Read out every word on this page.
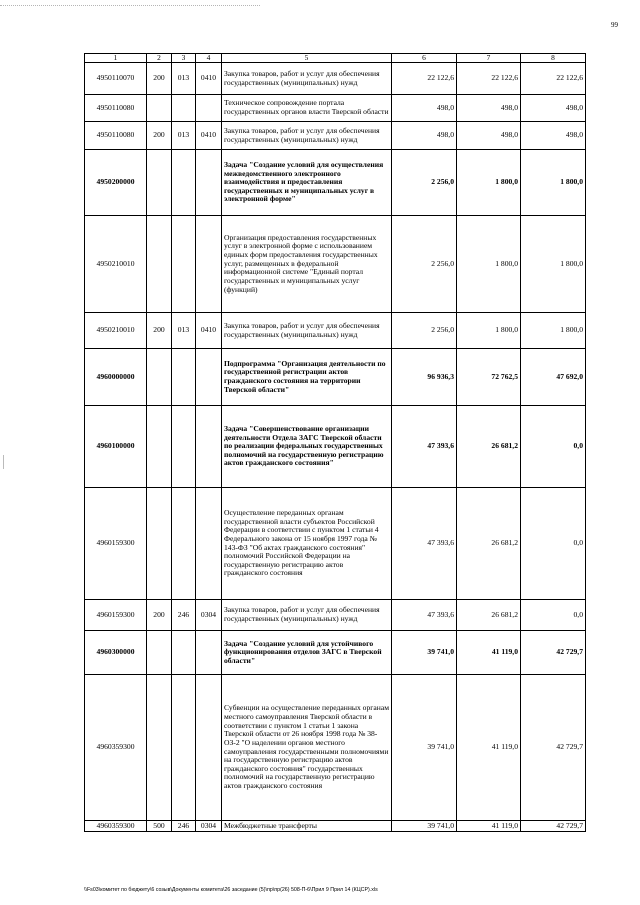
99
1	2	3	4	5	6	7	8
4950110070	200	013	0410	Закупка товаров, работ и услуг для обеспечения государственных (муниципальных) нужд	22 122,6	22 122,6	22 122,6
4950110080				Техническое сопровождение портала государственных органов власти Тверской области	498,0	498,0	498,0
4950110080	200	013	0410	Закупка товаров, работ и услуг для обеспечения государственных (муниципальных) нужд	498,0	498,0	498,0
4950200000				Задача "Создание условий для осуществления межведомственного электронного взаимодействия и предоставления государственных и муниципальных услуг в электронной форме"	2 256,0	1 800,0	1 800,0
4950210010				Организация предоставления государственных услуг в электронной форме с использованием единых форм предоставления государственных услуг, размещенных в федеральной информационной системе "Единый портал государственных и муниципальных услуг (функций)	2 256,0	1 800,0	1 800,0
4950210010	200	013	0410	Закупка товаров, работ и услуг для обеспечения государственных (муниципальных) нужд	2 256,0	1 800,0	1 800,0
4960000000				Подпрограмма "Организация деятельности по государственной регистрации актов гражданского состояния на территории Тверской области"	96 936,3	72 762,5	47 692,0
4960100000				Задача "Совершенствование организации деятельности Отдела ЗАГС Тверской области по реализации федеральных государственных полномочий на государственную регистрацию актов гражданского состояния"	47 393,6	26 681,2	0,0
4960159300				Осуществление переданных органам государственной власти субъектов Российской Федерации в соответствии с пунктом 1 статьи 4 Федерального закона от 15 ноября 1997 года № 143-ФЗ "Об актах гражданского состояния" полномочий Российской Федерации на государственную регистрацию актов гражданского состояния	47 393,6	26 681,2	0,0
4960159300	200	246	0304	Закупка товаров, работ и услуг для обеспечения государственных (муниципальных) нужд	47 393,6	26 681,2	0,0
4960300000				Задача "Создание условий для устойчивого функционирования отделов ЗАГС в Тверской области"	39 741,0	41 119,0	42 729,7
4960359300				Субвенции на осуществление переданных органам местного самоуправления Тверской области в соответствии с пунктом 1 статьи 1 закона Тверской области от 26 ноября 1998 года № 38-ОЗ-2 "О наделении органов местного самоуправления государственными полномочиями на государственную регистрацию актов гражданского состояния" государственных полномочий на государственную регистрацию актов гражданского состояния	39 741,0	41 119,0	42 729,7
4960359300	500	246	0304	Межбюджетные трансферты	39 741,0	41 119,0	42 729,7
\\Fs03\комитет по бюджету\6 созыв\Документы комитета\26 заседание (5)\пр\пр(26) 508-П-6\Прил 9 Прил 14 (КЦСР).xls
